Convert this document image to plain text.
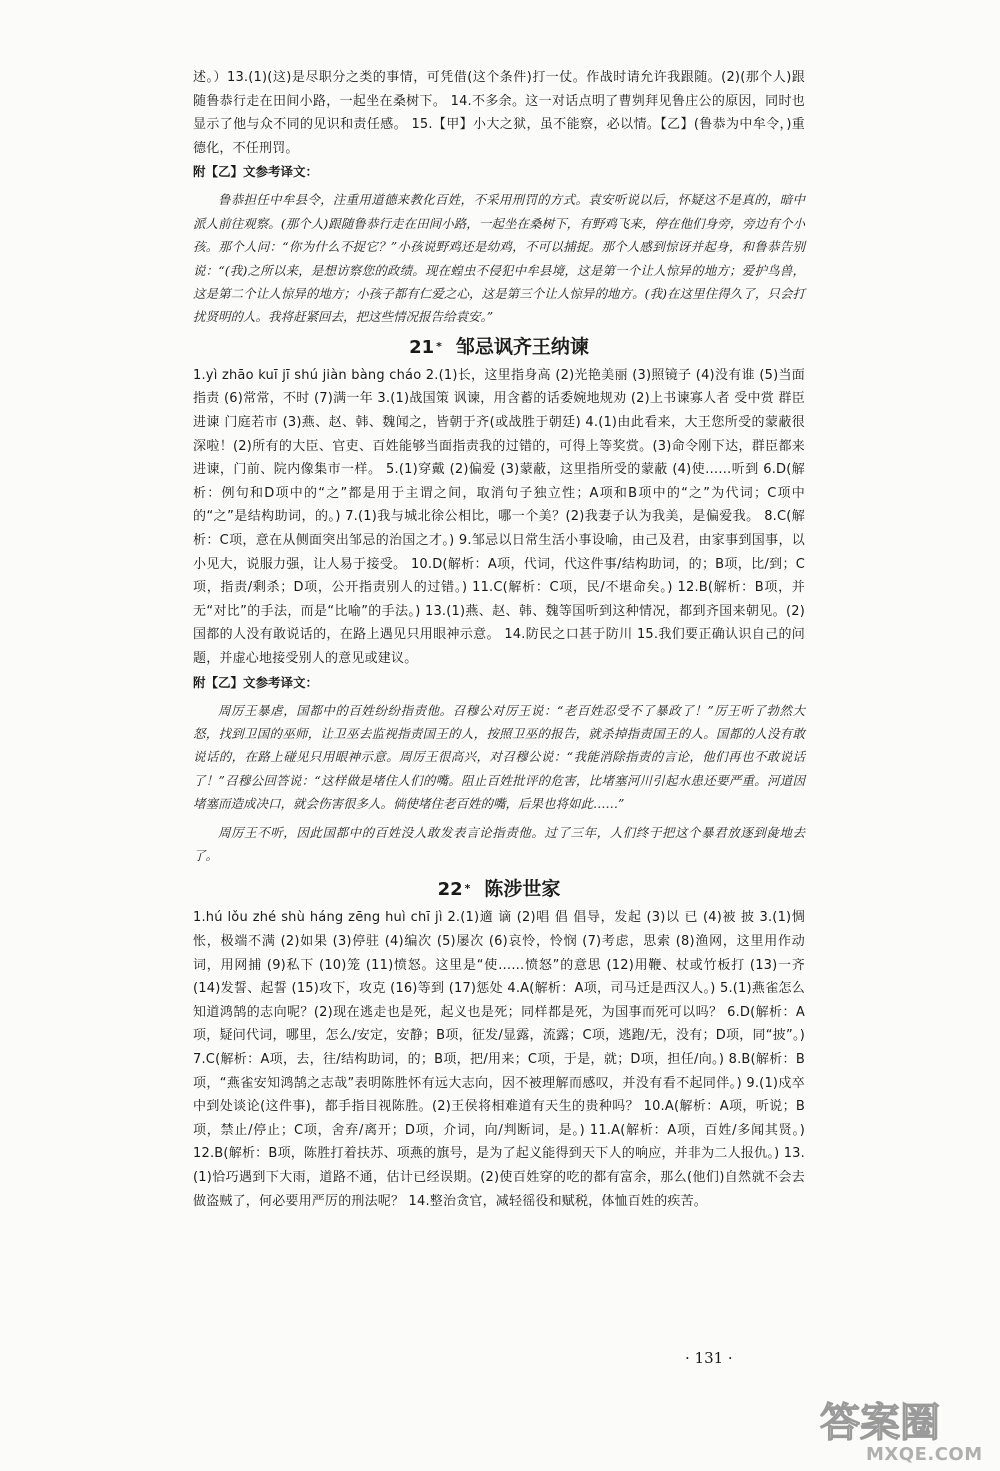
述。）13.(1)(这)是尽职分之类的事情，可凭借(这个条件)打一仗。作战时请允许我跟随。(2)(那个人)跟随鲁恭行走在田间小路，一起坐在桑树下。 14.不多余。这一对话点明了曹刿拜见鲁庄公的原因，同时也显示了他与众不同的见识和责任感。 15.【甲】小大之狱，虽不能察，必以情。【乙】(鲁恭为中牟令，)重德化，不任刑罚。

附【乙】文参考译文：

鲁恭担任中牟县令，注重用道德来教化百姓，不采用刑罚的方式。袁安听说以后，怀疑这不是真的，暗中派人前往观察。(那个人)跟随鲁恭行走在田间小路，一起坐在桑树下，有野鸡飞来，停在他们身旁，旁边有个小孩。那个人问：“你为什么不捉它？”小孩说野鸡还是幼鸡，不可以捕捉。那个人感到惊讶并起身，和鲁恭告别说：“(我)之所以来，是想访察您的政绩。现在蝗虫不侵犯中牟县境，这是第一个让人惊异的地方；爱护鸟兽，这是第二个让人惊异的地方；小孩子都有仁爱之心，这是第三个让人惊异的地方。(我)在这里住得久了，只会打扰贤明的人。我将赶紧回去，把这些情况报告给袁安。”

21 * 邹忌讽齐王纳谏

1.yì zhāo kuī jī shú jiàn bàng cháo 2.(1)长，这里指身高 (2)光艳美丽 (3)照镜子 (4)没有谁 (5)当面指责 (6)常常，不时 (7)满一年 3.(1)战国策 讽谏，用含蓄的话委婉地规劝 (2)上书谏寡人者 受中赏 群臣进谏 门庭若市 (3)燕、赵、韩、魏闻之，皆朝于齐(或战胜于朝廷) 4.(1)由此看来，大王您所受的蒙蔽很深啦！(2)所有的大臣、官吏、百姓能够当面指责我的过错的，可得上等奖赏。(3)命令刚下达，群臣都来进谏，门前、院内像集市一样。 5.(1)穿戴 (2)偏爱 (3)蒙蔽，这里指所受的蒙蔽 (4)使……听到 6.D(解析：例句和D项中的“之”都是用于主谓之间，取消句子独立性；A项和B项中的“之”为代词；C项中的“之”是结构助词，的。) 7.(1)我与城北徐公相比，哪一个美？(2)我妻子认为我美，是偏爱我。 8.C(解析：C项，意在从侧面突出邹忌的治国之才。) 9.邹忌以日常生活小事设喻，由己及君，由家事到国事，以小见大，说服力强，让人易于接受。 10.D(解析：A项，代词，代这件事/结构助词，的；B项，比/到；C项，指责/剩杀；D项，公开指责别人的过错。) 11.C(解析：C项，民/不堪命矣。) 12.B(解析：B项，并无“对比”的手法，而是“比喻”的手法。) 13.(1)燕、赵、韩、魏等国听到这种情况，都到齐国来朝见。(2)国都的人没有敢说话的，在路上遇见只用眼神示意。 14.防民之口甚于防川 15.我们要正确认识自己的问题，并虚心地接受别人的意见或建议。

附【乙】文参考译文：

周厉王暴虐，国都中的百姓纷纷指责他。召穆公对厉王说：“老百姓忍受不了暴政了！”厉王听了勃然大怒，找到卫国的巫师，让卫巫去监视指责国王的人，按照卫巫的报告，就杀掉指责国王的人。国都的人没有敢说话的，在路上碰见只用眼神示意。周厉王很高兴，对召穆公说：“我能消除指责的言论，他们再也不敢说话了！”召穆公回答说：“这样做是堵住人们的嘴。阻止百姓批评的危害，比堵塞河川引起水患还要严重。河道因堵塞而造成决口，就会伤害很多人。倘使堵住老百姓的嘴，后果也将如此……”

周厉王不听，因此国都中的百姓没人敢发表言论指责他。过了三年，人们终于把这个暴君放逐到彘地去了。

22 * 陈涉世家

1.hú lǒu zhé shù háng zēng huì chī jì 2.(1)適 谪 (2)唱 倡 倡导，发起 (3)以 已 (4)被 披 3.(1)惆怅，极端不满 (2)如果 (3)停驻 (4)编次 (5)屡次 (6)哀怜，怜悯 (7)考虑，思索 (8)渔网，这里用作动词，用网捕 (9)私下 (10)笼 (11)愤怒。这里是“使……愤怒”的意思 (12)用鞭、杖或竹板打 (13)一齐 (14)发誓、起誓 (15)攻下，攻克 (16)等到 (17)惩处 4.A(解析：A项，司马迁是西汉人。) 5.(1)燕雀怎么知道鸿鹄的志向呢？(2)现在逃走也是死，起义也是死；同样都是死，为国事而死可以吗？ 6.D(解析：A项，疑问代词，哪里，怎么/安定，安静；B项，征发/显露，流露；C项，逃跑/无，没有；D项，同“披”。) 7.C(解析：A项，去，往/结构助词，的；B项，把/用来；C项，于是，就；D项，担任/向。) 8.B(解析：B项，“燕雀安知鸿鹄之志哉”表明陈胜怀有远大志向，因不被理解而感叹，并没有看不起同伴。) 9.(1)戍卒中到处谈论(这件事)，都手指目视陈胜。(2)王侯将相难道有天生的贵种吗？ 10.A(解析：A项，听说；B项，禁止/停止；C项，舍弃/离开；D项，介词，向/判断词，是。) 11.A(解析：A项，百姓/多闻其贤。) 12.B(解析：B项，陈胜打着扶苏、项燕的旗号，是为了起义能得到天下人的响应，并非为二人报仇。) 13.(1)恰巧遇到下大雨，道路不通，估计已经误期。(2)使百姓穿的吃的都有富余，那么(他们)自然就不会去做盗贼了，何必要用严厉的刑法呢？ 14.整治贪官，减轻徭役和赋税，体恤百姓的疾苦。

· 131 ·
答案圈
MXQE.COM
